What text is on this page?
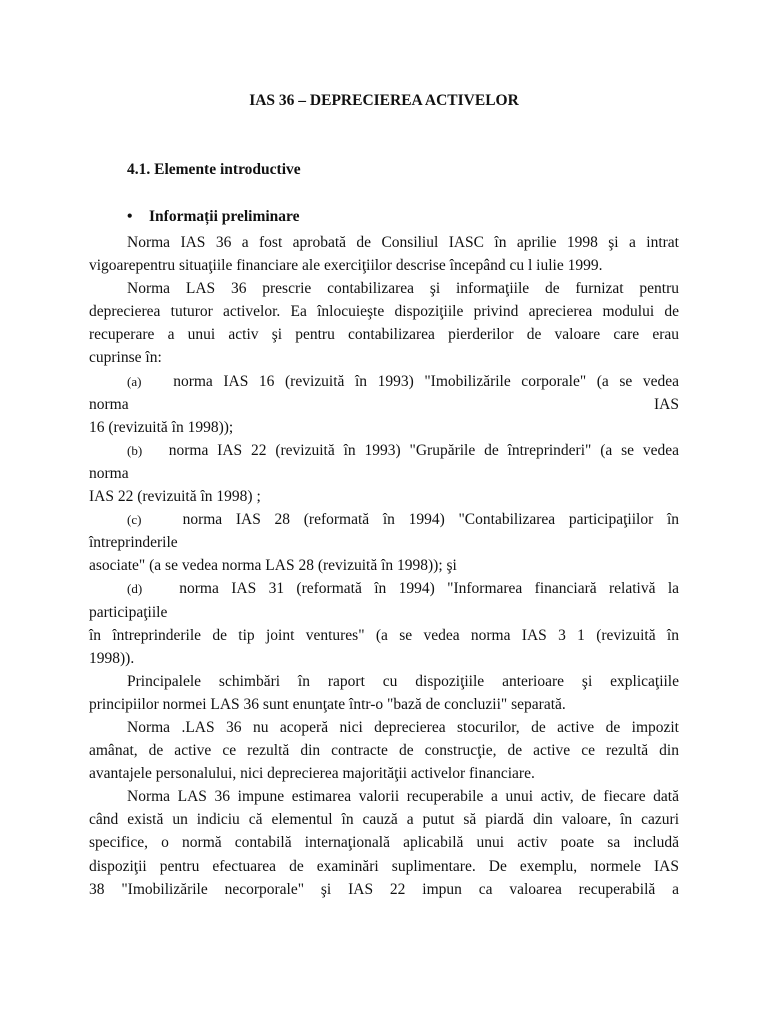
IAS 36 – DEPRECIEREA ACTIVELOR
4.1. Elemente introductive
• Informații preliminare
Norma IAS 36 a fost aprobată de Consiliul IASC în aprilie 1998 şi a intrat
vigoarepentru situaţiile financiare ale exerciţiilor descrise începând cu l iulie 1999.
Norma LAS 36 prescrie contabilizarea şi informaţiile de furnizat pentru
deprecierea tuturor activelor. Ea înlocuieşte dispoziţiile privind aprecierea modului de
recuperare a unui activ şi pentru contabilizarea pierderilor de valoare care erau
cuprinse în:
(a) norma IAS 16 (revizuită în 1993) "Imobilizările corporale" (a se vedea
norma	IAS
16 (revizuită în 1998));
(b) norma IAS 22 (revizuită în 1993) "Grupările de întreprinderi" (a se vedea
norma
IAS 22 (revizuită în 1998) ;
(c)	norma IAS 28 (reformată în 1994) "Contabilizarea participaţiilor în
întreprinderile
asociate" (a se vedea norma LAS 28 (revizuită în 1998)); şi
(d) norma IAS 31 (reformată în 1994) "Informarea financiară relativă la
participaţiile
în întreprinderile de tip joint ventures" (a se vedea norma IAS 3 1 (revizuită în
1998)).
Principalele schimbări în raport cu dispoziţiile anterioare şi explicaţiile
principiilor normei LAS 36 sunt enunţate într-o "bază de concluzii" separată.
Norma .LAS 36 nu acoperă nici deprecierea stocurilor, de active de impozit
amânat, de active ce rezultă din contracte de construcţie, de active ce rezultă din
avantajele personalului, nici deprecierea majorităţii activelor financiare.
Norma LAS 36 impune estimarea valorii recuperabile a unui activ, de fiecare dată
când există un indiciu că elementul în cauză a putut să piardă din valoare, în cazuri
specifice, o normă contabilă internaţională aplicabilă unui activ poate sa includă
dispoziţii pentru efectuarea de examinări suplimentare. De exemplu, normele IAS
38 "Imobilizările necorporale" şi IAS 22 impun ca valoarea recuperabilă a
